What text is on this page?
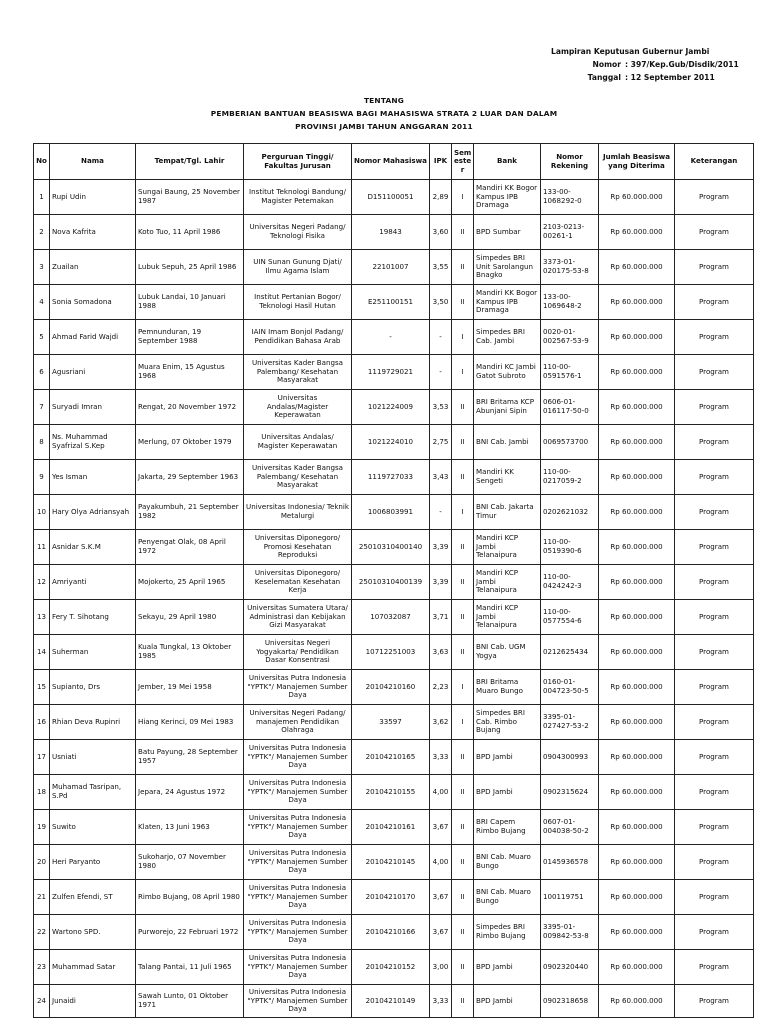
Lampiran Keputusan Gubernur Jambi
Nomor : 397/Kep.Gub/Disdik/2011
Tanggal : 12 September 2011
TENTANG
PEMBERIAN BANTUAN BEASISWA BAGI MAHASISWA STRATA 2 LUAR DAN DALAM
PROVINSI JAMBI TAHUN ANGGARAN 2011
No	Nama	Tempat/Tgl. Lahir	Perguruan Tinggi/ Fakultas Jurusan	Nomor Mahasiswa	IPK	Sem este r	Bank	Nomor Rekening	Jumlah Beasiswa yang Diterima	Keterangan
1	Rupi Udin	Sungai Baung, 25 November 1987	Institut Teknologi Bandung/ Magister Petemakan	D151100051	2,89	I	Mandiri KK Bogor Kampus IPB Dramaga	133-00-1068292-0	Rp 60.000.000	Program
2	Nova Kafrita	Koto Tuo, 11 April 1986	Universitas Negeri Padang/ Teknologi Fisika	19843	3,60	II	BPD Sumbar	2103-0213-00261-1	Rp 60.000.000	Program
3	Zuailan	Lubuk Sepuh, 25 April 1986	UIN Sunan Gunung Djati/ Ilmu Agama Islam	22101007	3,55	II	Simpedes BRI Unit Sarolangun Bnagko	3373-01-020175-53-8	Rp 60.000.000	Program
4	Sonia Somadona	Lubuk Landai, 10 Januari 1988	Institut Pertanian Bogor/ Teknologi Hasil Hutan	E251100151	3,50	II	Mandiri KK Bogor Kampus IPB Dramaga	133-00-1069648-2	Rp 60.000.000	Program
5	Ahmad Farid Wajdi	Pemnunduran, 19 September 1988	IAIN Imam Bonjol Padang/ Pendidikan Bahasa Arab	-	-	I	Simpedes BRI Cab. Jambi	0020-01-002567-53-9	Rp 60.000.000	Program
6	Agusriani	Muara Enim, 15 Agustus 1968	Universitas Kader Bangsa Palembang/ Kesehatan Masyarakat	1119729021	-	I	Mandiri KC Jambi Gatot Subroto	110-00-0591576-1	Rp 60.000.000	Program
7	Suryadi Imran	Rengat, 20 November 1972	Universitas Andalas/Magister Keperawatan	1021224009	3,53	II	BRI Britama KCP Abunjani Sipin	0606-01-016117-50-0	Rp 60.000.000	Program
8	Ns. Muhammad Syafrizal S.Kep	Merlung, 07 Oktober 1979	Universitas Andalas/ Magister Keperawatan	1021224010	2,75	II	BNI Cab. Jambi	0069573700	Rp 60.000.000	Program
9	Yes Isman	Jakarta, 29 September 1963	Universitas Kader Bangsa Palembang/ Kesehatan Masyarakat	1119727033	3,43	II	Mandiri KK Sengeti	110-00-0217059-2	Rp 60.000.000	Program
10	Hary Olya Adriansyah	Payakumbuh, 21 September 1982	Universitas Indonesia/ Teknik Metalurgi	1006803991	-	I	BNI Cab. Jakarta Timur	0202621032	Rp 60.000.000	Program
11	Asnidar S.K.M	Penyengat Olak, 08 April 1972	Universitas Diponegoro/ Promosi Kesehatan Reproduksi	25010310400140	3,39	II	Mandiri KCP Jambi Telanaipura	110-00-0519390-6	Rp 60.000.000	Program
12	Amriyanti	Mojokerto, 25 April 1965	Universitas Diponegoro/ Keselematan Kesehatan Kerja	25010310400139	3,39	II	Mandiri KCP Jambi Telanaipura	110-00-0424242-3	Rp 60.000.000	Program
13	Fery T. Sihotang	Sekayu, 29 April 1980	Universitas Sumatera Utara/ Administrasi dan Kebijakan Gizi Masyarakat	107032087	3,71	II	Mandiri KCP Jambi Telanaipura	110-00-0577554-6	Rp 60.000.000	Program
14	Suherman	Kuala Tungkal, 13 Oktober 1985	Universitas Negeri Yogyakarta/ Pendidikan Dasar Konsentrasi	10712251003	3,63	II	BNI Cab. UGM Yogya	0212625434	Rp 60.000.000	Program
15	Supianto, Drs	Jember, 19 Mei 1958	Universitas Putra Indonesia "YPTK"/ Manajemen Sumber Daya	20104210160	2,23	I	BRI Britama Muaro Bungo	0160-01-004723-50-5	Rp 60.000.000	Program
16	Rhian Deva Rupinri	Hiang Kerinci, 09 Mei 1983	Universitas Negeri Padang/ manajemen Pendidikan Olahraga	33597	3,62	I	Simpedes BRI Cab. Rimbo Bujang	3395-01-027427-53-2	Rp 60.000.000	Program
17	Usniati	Batu Payung, 28 September 1957	Universitas Putra Indonesia "YPTK"/ Manajemen Sumber Daya	20104210165	3,33	II	BPD Jambi	0904300993	Rp 60.000.000	Program
18	Muhamad Tasripan, S.Pd	Jepara, 24 Agustus 1972	Universitas Putra Indonesia "YPTK"/ Manajemen Sumber Daya	20104210155	4,00	II	BPD Jambi	0902315624	Rp 60.000.000	Program
19	Suwito	Klaten, 13 Juni 1963	Universitas Putra Indonesia "YPTK"/ Manajemen Sumber Daya	20104210161	3,67	II	BRI Capem Rimbo Bujang	0607-01-004038-50-2	Rp 60.000.000	Program
20	Heri Paryanto	Sukoharjo, 07 November 1980	Universitas Putra Indonesia "YPTK"/ Manajemen Sumber Daya	20104210145	4,00	II	BNI Cab. Muaro Bungo	0145936578	Rp 60.000.000	Program
21	Zulfen Efendi, ST	Rimbo Bujang, 08 April 1980	Universitas Putra Indonesia "YPTK"/ Manajemen Sumber Daya	20104210170	3,67	II	BNI Cab. Muaro Bungo	100119751	Rp 60.000.000	Program
22	Wartono SPD.	Purworejo, 22 Februari 1972	Universitas Putra Indonesia "YPTK"/ Manajemen Sumber Daya	20104210166	3,67	II	Simpedes BRI Rimbo Bujang	3395-01-009842-53-8	Rp 60.000.000	Program
23	Muhammad Satar	Talang Pantai, 11 Juli 1965	Universitas Putra Indonesia "YPTK"/ Manajemen Sumber Daya	20104210152	3,00	II	BPD Jambi	0902320440	Rp 60.000.000	Program
24	Junaidi	Sawah Lunto, 01 Oktober 1971	Universitas Putra Indonesia "YPTK"/ Manajemen Sumber Daya	20104210149	3,33	II	BPD Jambi	0902318658	Rp 60.000.000	Program
